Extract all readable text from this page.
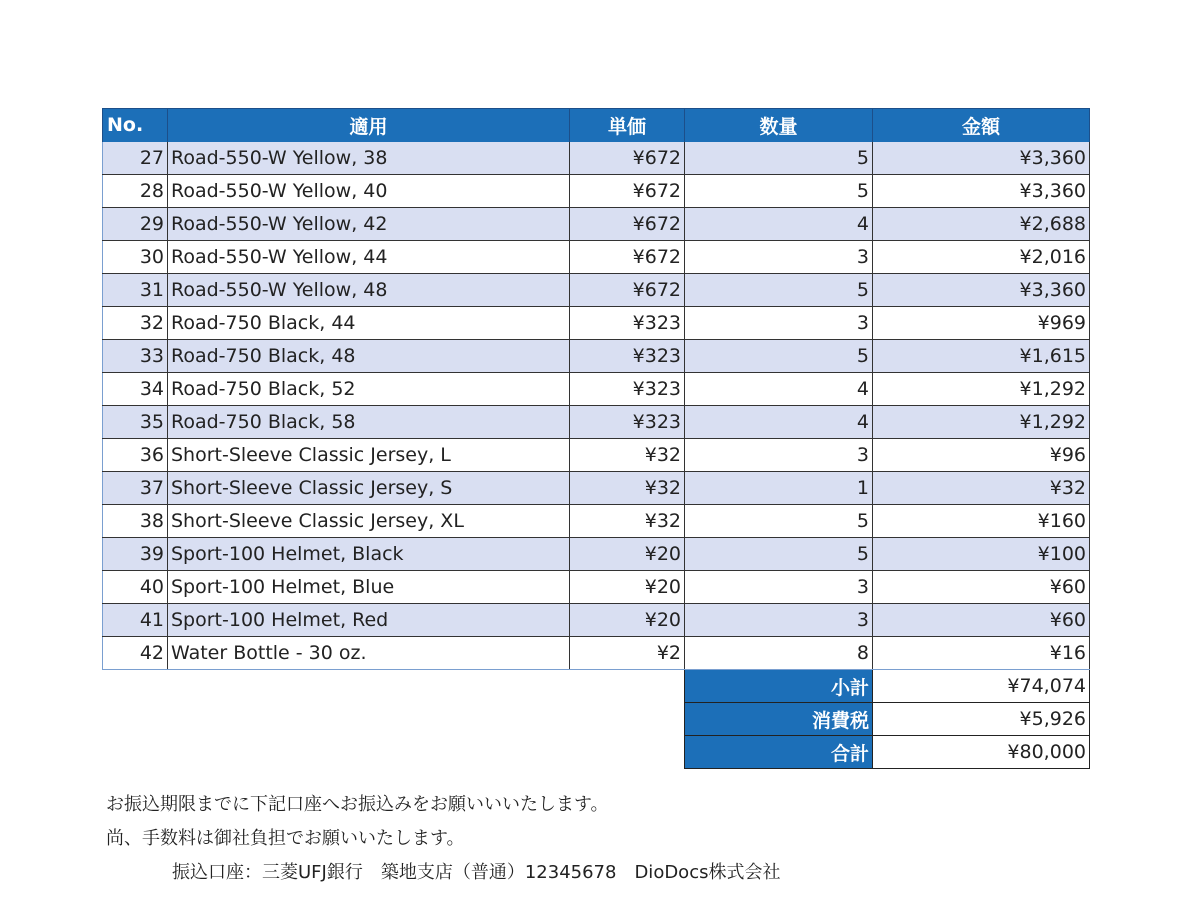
No.	適用	単価	数量	金額
27	Road-550-W Yellow, 38	¥672	5	¥3,360
28	Road-550-W Yellow, 40	¥672	5	¥3,360
29	Road-550-W Yellow, 42	¥672	4	¥2,688
30	Road-550-W Yellow, 44	¥672	3	¥2,016
31	Road-550-W Yellow, 48	¥672	5	¥3,360
32	Road-750 Black, 44	¥323	3	¥969
33	Road-750 Black, 48	¥323	5	¥1,615
34	Road-750 Black, 52	¥323	4	¥1,292
35	Road-750 Black, 58	¥323	4	¥1,292
36	Short-Sleeve Classic Jersey, L	¥32	3	¥96
37	Short-Sleeve Classic Jersey, S	¥32	1	¥32
38	Short-Sleeve Classic Jersey, XL	¥32	5	¥160
39	Sport-100 Helmet, Black	¥20	5	¥100
40	Sport-100 Helmet, Blue	¥20	3	¥60
41	Sport-100 Helmet, Red	¥20	3	¥60
42	Water Bottle - 30 oz.	¥2	8	¥16
			小計	¥74,074
			消費税	¥5,926
			合計	¥80,000
お振込期限までに下記口座へお振込みをお願いいいたします。
尚、手数料は御社負担でお願いいたします。
振込口座：三菱UFJ銀行　築地支店（普通）12345678　DioDocs株式会社
